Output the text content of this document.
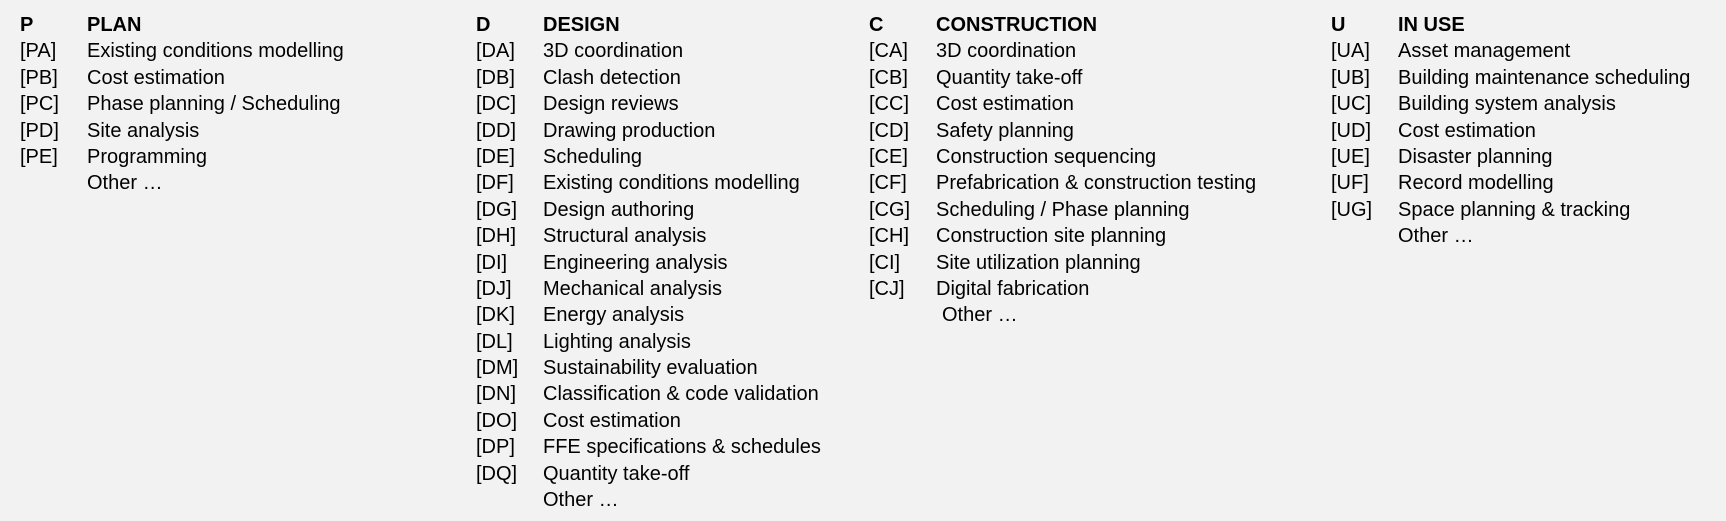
P	PLAN
[PA] Existing conditions modelling
[PB] Cost estimation
[PC] Phase planning / Scheduling
[PD] Site analysis
[PE] Programming
Other …
D	DESIGN
[DA] 3D coordination
[DB] Clash detection
[DC] Design reviews
[DD] Drawing production
[DE] Scheduling
[DF] Existing conditions modelling
[DG] Design authoring
[DH] Structural analysis
[DI] Engineering analysis
[DJ] Mechanical analysis
[DK] Energy analysis
[DL] Lighting analysis
[DM] Sustainability evaluation
[DN] Classification & code validation
[DO] Cost estimation
[DP] FFE specifications & schedules
[DQ] Quantity take-off
Other …
C	CONSTRUCTION
[CA] 3D coordination
[CB] Quantity take-off
[CC] Cost estimation
[CD] Safety planning
[CE] Construction sequencing
[CF] Prefabrication & construction testing
[CG] Scheduling / Phase planning
[CH] Construction site planning
[CI] Site utilization planning
[CJ] Digital fabrication
Other …
U	IN USE
[UA] Asset management
[UB] Building maintenance scheduling
[UC] Building system analysis
[UD] Cost estimation
[UE] Disaster planning
[UF] Record modelling
[UG] Space planning & tracking
Other …
